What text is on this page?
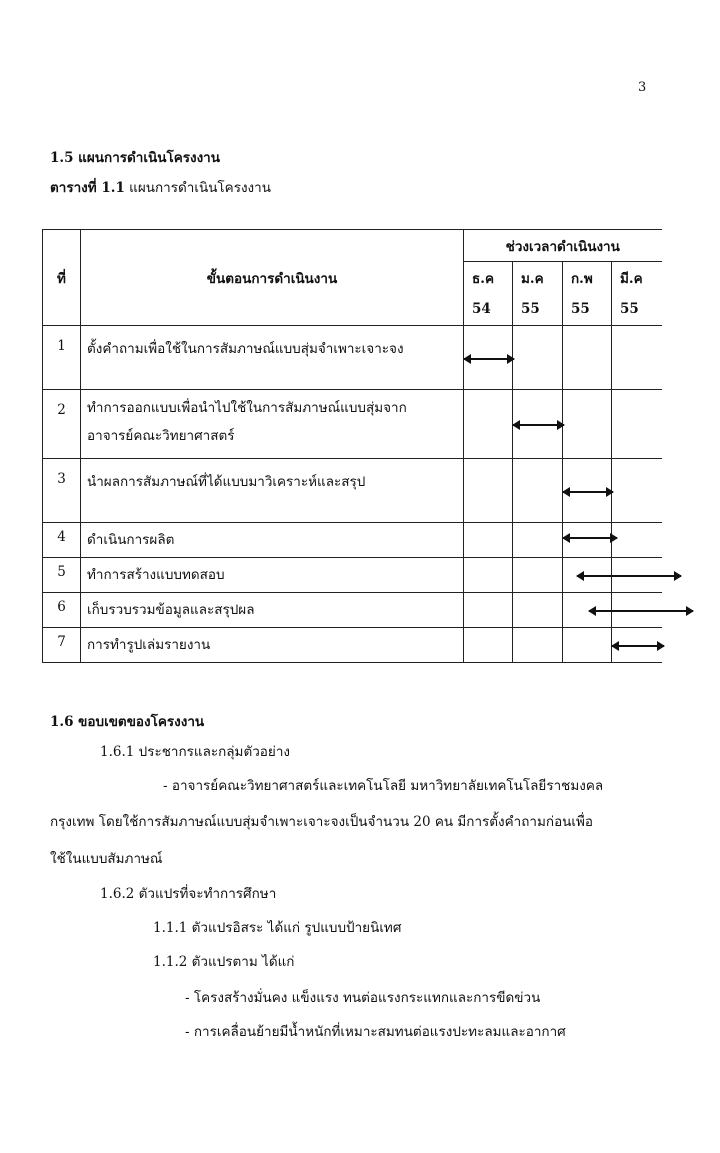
3
1.5 แผนการดำเนินโครงงาน
ตารางที่ 1.1 แผนการดำเนินโครงงาน
ที่	ขั้นตอนการดำเนินงาน	ช่วงเวลาดำเนินงาน			
		ธ.ค	ม.ค	ก.พ	มี.ค
		54	55	55	55
1	ตั้งคำถามเพื่อใช้ในการสัมภาษณ์แบบสุ่มจำเพาะเจาะจง	

2	ทำการออกแบบเพื่อนำไปใช้ในการสัมภาษณ์แบบสุ่มจาก อาจารย์คณะวิทยาศาสตร์		

3	นำผลการสัมภาษณ์ที่ได้แบบมาวิเคราะห์และสรุป			

4	ดำเนินการผลิต			

5	ทำการสร้างแบบทดสอบ			

6	เก็บรวบรวมข้อมูลและสรุปผล			

7	การทำรูปเล่มรายงาน				
1.6 ขอบเขตของโครงงาน
1.6.1 ประชากรและกลุ่มตัวอย่าง
- อาจารย์คณะวิทยาศาสตร์และเทคโนโลยี มหาวิทยาลัยเทคโนโลยีราชมงคล
กรุงเทพ โดยใช้การสัมภาษณ์แบบสุ่มจำเพาะเจาะจงเป็นจำนวน 20 คน มีการตั้งคำถามก่อนเพื่อ
ใช้ในแบบสัมภาษณ์
1.6.2 ตัวแปรที่จะทำการศึกษา
1.1.1 ตัวแปรอิสระ ได้แก่ รูปแบบป้ายนิเทศ
1.1.2 ตัวแปรตาม ได้แก่
- โครงสร้างมั่นคง แข็งแรง ทนต่อแรงกระแทกและการขีดข่วน
- การเคลื่อนย้ายมีน้ำหนักที่เหมาะสมทนต่อแรงปะทะลมและอากาศ
